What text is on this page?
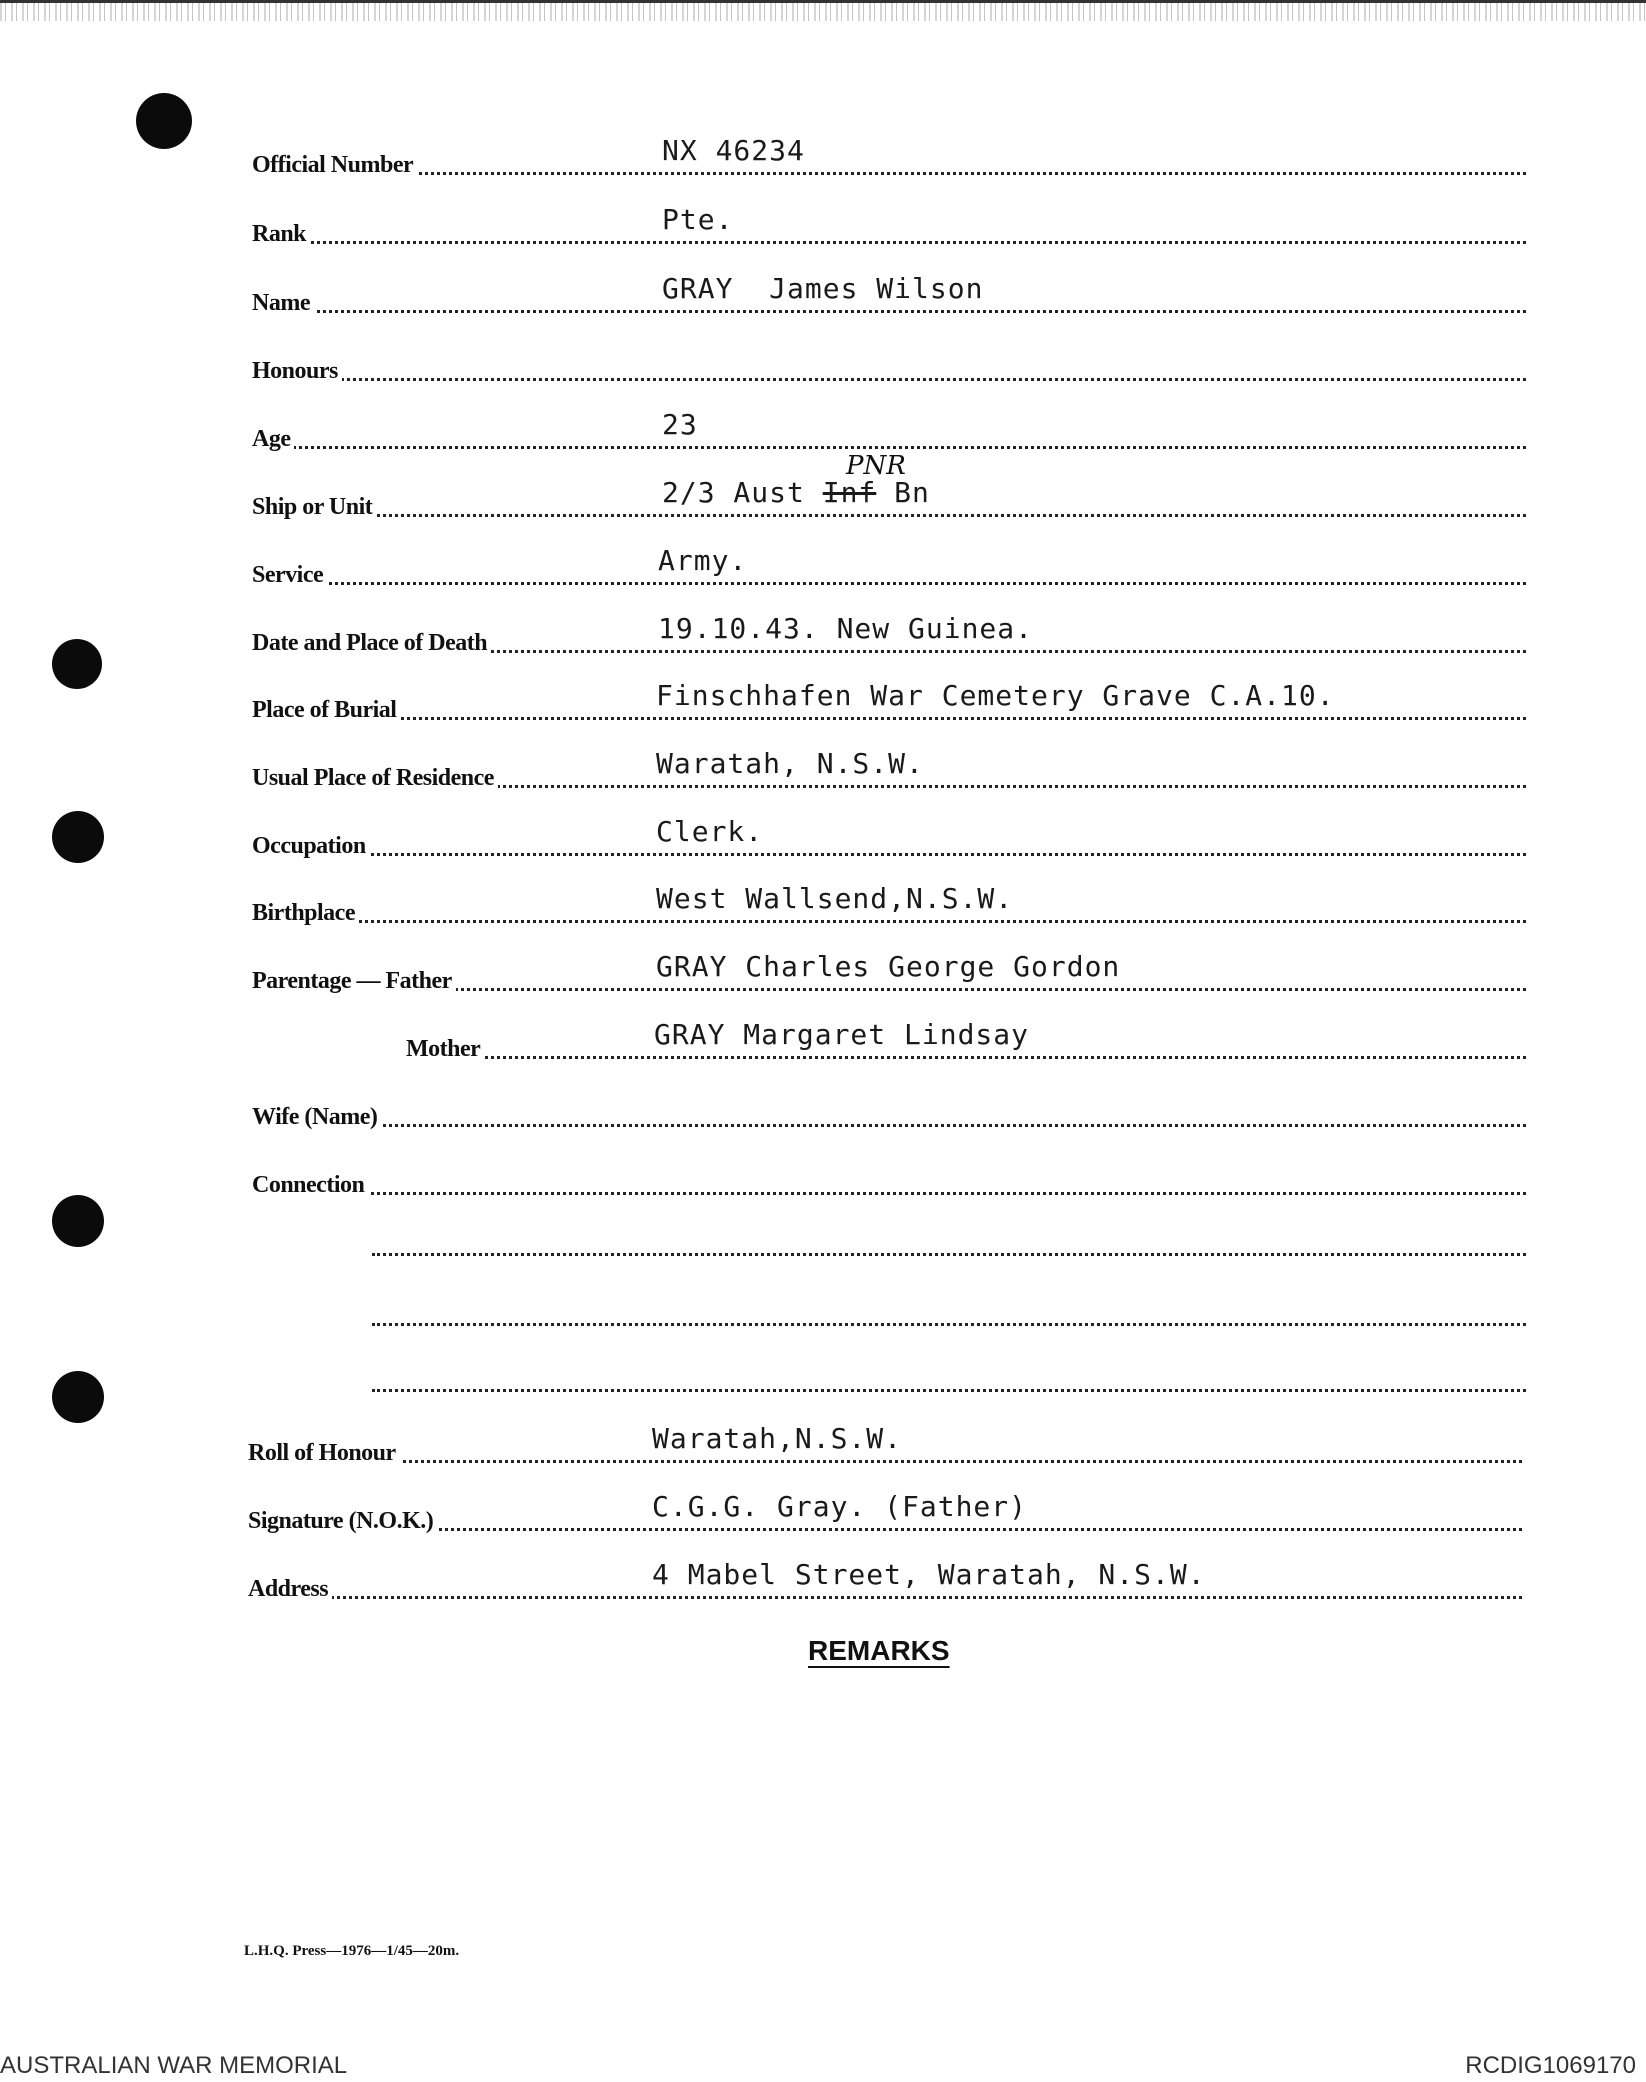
Official Number	NX 46234
Rank	Pte.
Name	GRAY  James Wilson
Honours
Age	23
Ship or Unit	2/3 Aust Inf Bn
PNR
Service	Army.
Date and Place of Death	19.10.43. New Guinea.
Place of Burial	Finschhafen War Cemetery Grave C.A.10.
Usual Place of Residence	Waratah, N.S.W.
Occupation	Clerk.
Birthplace	West Wallsend,N.S.W.
Parentage — Father	GRAY Charles George Gordon
Mother	GRAY Margaret Lindsay
Wife (Name)
Connection
Roll of Honour	Waratah,N.S.W.
Signature (N.O.K.)	C.G.G. Gray. (Father)
Address	4 Mabel Street, Waratah, N.S.W.
REMARKS
L.H.Q. Press—1976—1/45—20m.
AUSTRALIAN WAR MEMORIAL	RCDIG1069170
